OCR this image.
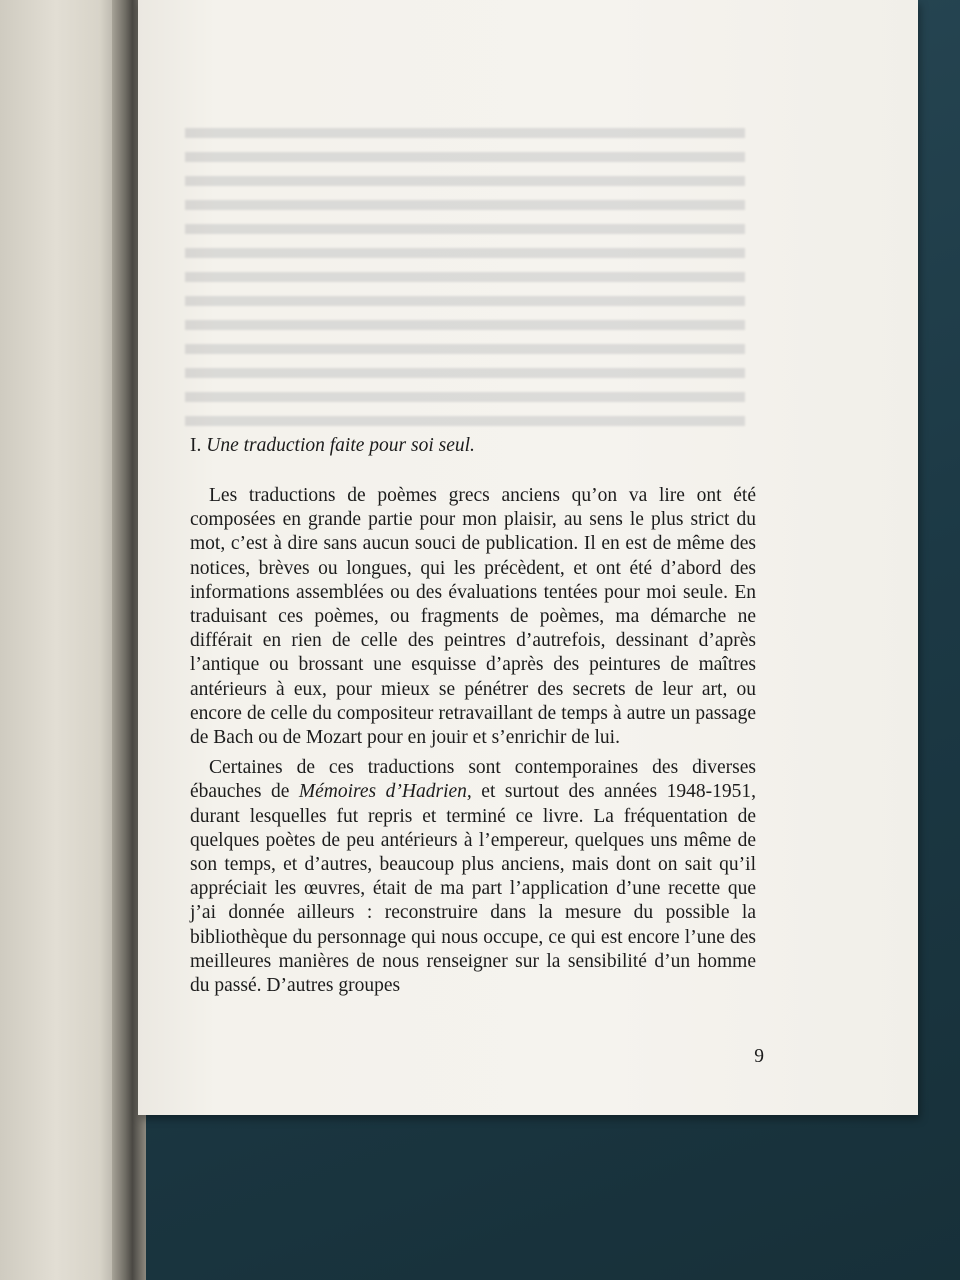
I. Une traduction faite pour soi seul.

Les traductions de poèmes grecs anciens qu’on va lire ont été composées en grande partie pour mon plaisir, au sens le plus strict du mot, c’est à dire sans aucun souci de publication. Il en est de même des notices, brèves ou longues, qui les précèdent, et ont été d’abord des informations assemblées ou des évaluations tentées pour moi seule. En traduisant ces poèmes, ou fragments de poèmes, ma démarche ne différait en rien de celle des peintres d’autrefois, dessinant d’après l’antique ou brossant une esquisse d’après des peintures de maîtres antérieurs à eux, pour mieux se pénétrer des secrets de leur art, ou encore de celle du compositeur retravaillant de temps à autre un passage de Bach ou de Mozart pour en jouir et s’enrichir de lui.

Certaines de ces traductions sont contemporaines des diverses ébauches de Mémoires d’Hadrien, et surtout des années 1948-1951, durant lesquelles fut repris et terminé ce livre. La fréquentation de quelques poètes de peu antérieurs à l’empereur, quelques uns même de son temps, et d’autres, beaucoup plus anciens, mais dont on sait qu’il appréciait les œuvres, était de ma part l’application d’une recette que j’ai donnée ailleurs : reconstruire dans la mesure du possible la bibliothèque du personnage qui nous occupe, ce qui est encore l’une des meilleures manières de nous renseigner sur la sensibilité d’un homme du passé. D’autres groupes

9
